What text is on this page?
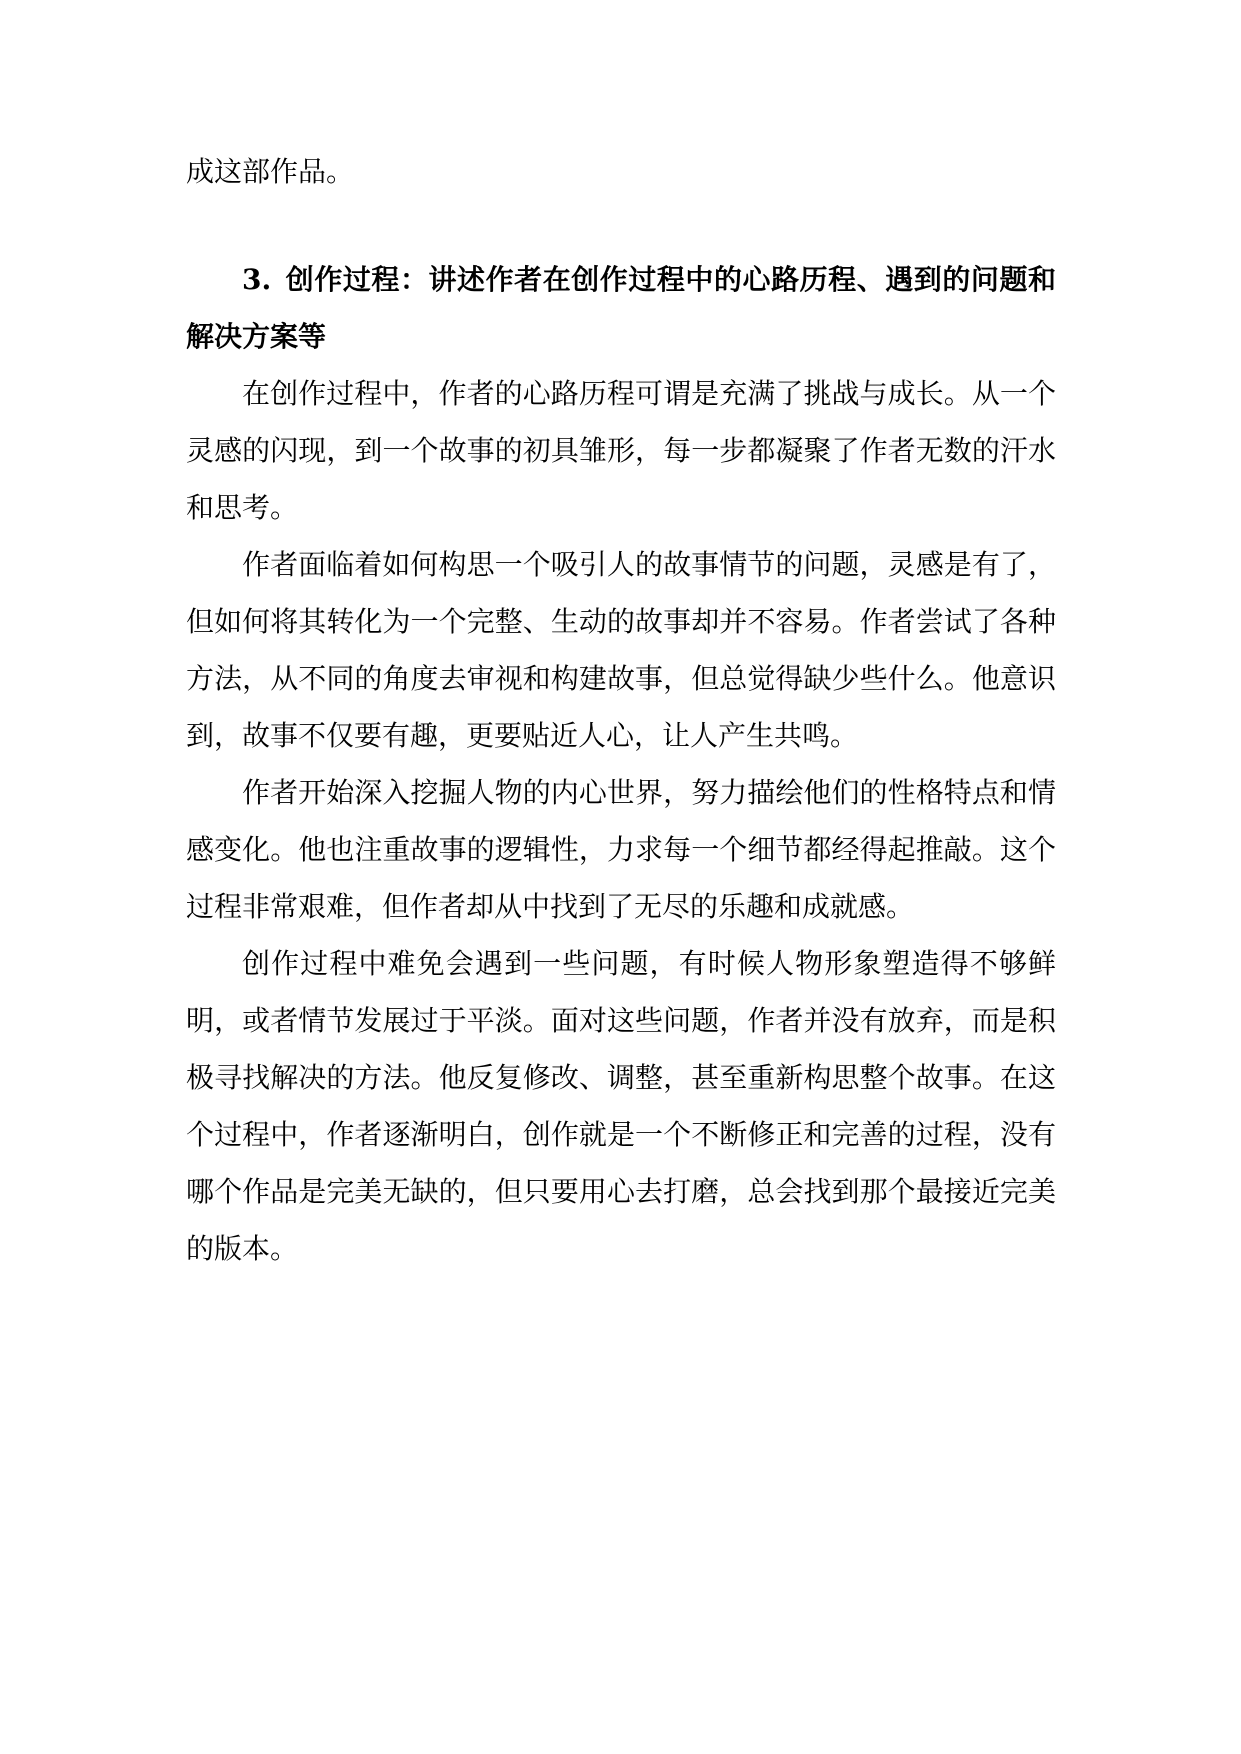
成这部作品。

3. 创作过程：讲述作者在创作过程中的心路历程、遇到的问题和解决方案等

在创作过程中，作者的心路历程可谓是充满了挑战与成长。从一个灵感的闪现，到一个故事的初具雏形，每一步都凝聚了作者无数的汗水和思考。

作者面临着如何构思一个吸引人的故事情节的问题，灵感是有了，但如何将其转化为一个完整、生动的故事却并不容易。作者尝试了各种方法，从不同的角度去审视和构建故事，但总觉得缺少些什么。他意识到，故事不仅要有趣，更要贴近人心，让人产生共鸣。

作者开始深入挖掘人物的内心世界，努力描绘他们的性格特点和情感变化。他也注重故事的逻辑性，力求每一个细节都经得起推敲。这个过程非常艰难，但作者却从中找到了无尽的乐趣和成就感。

创作过程中难免会遇到一些问题，有时候人物形象塑造得不够鲜明，或者情节发展过于平淡。面对这些问题，作者并没有放弃，而是积极寻找解决的方法。他反复修改、调整，甚至重新构思整个故事。在这个过程中，作者逐渐明白，创作就是一个不断修正和完善的过程，没有哪个作品是完美无缺的，但只要用心去打磨，总会找到那个最接近完美的版本。
